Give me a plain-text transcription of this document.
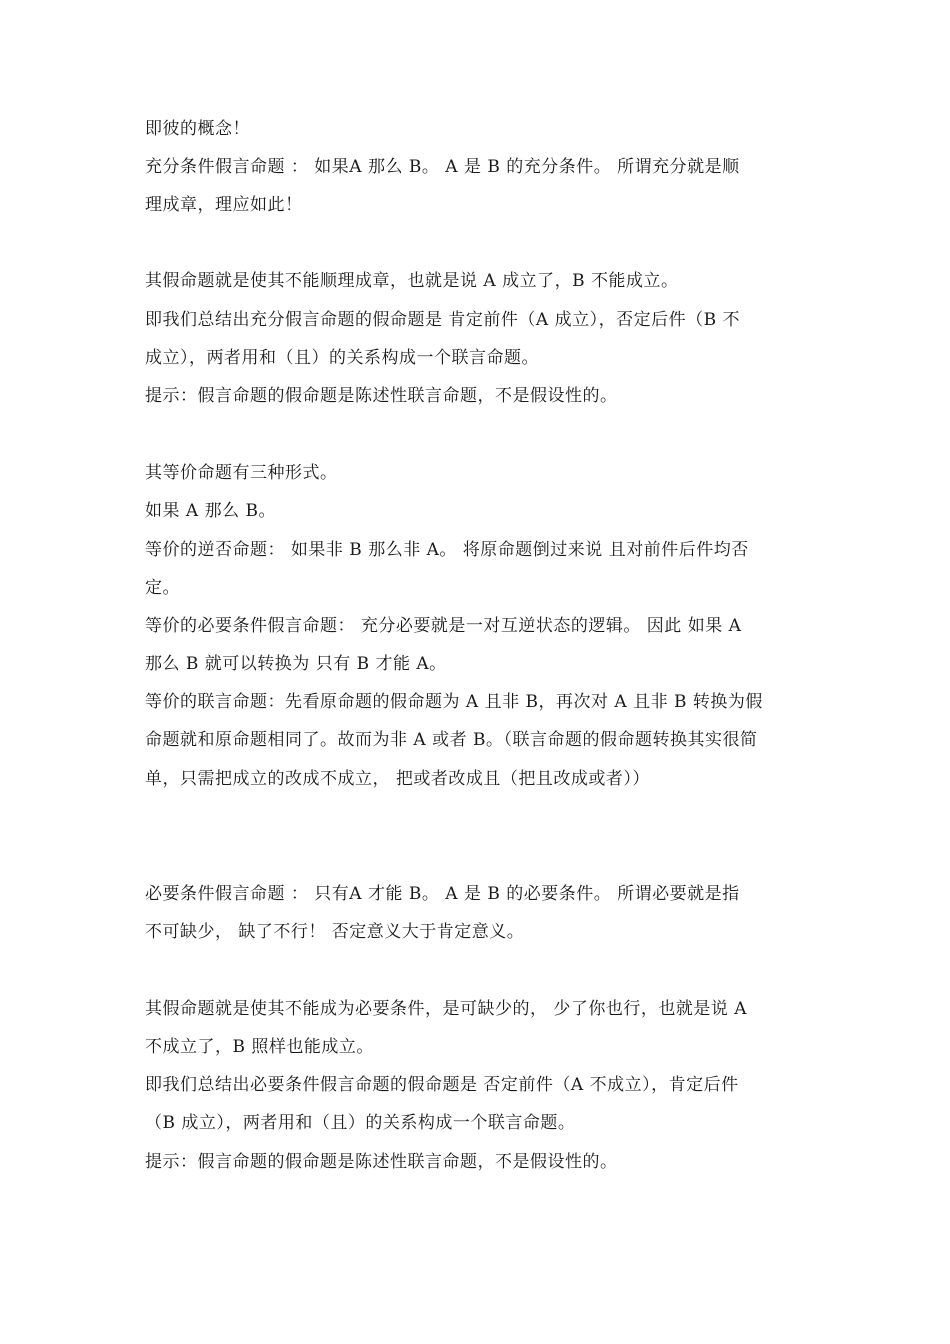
即彼的概念！
充分条件假言命题 ： 如果A 那么 B。 A 是 B 的充分条件。 所谓充分就是顺
理成章，理应如此！
其假命题就是使其不能顺理成章，也就是说 A 成立了，B 不能成立。
即我们总结出充分假言命题的假命题是 肯定前件（A 成立），否定后件（B 不
成立），两者用和（且）的关系构成一个联言命题。
提示：假言命题的假命题是陈述性联言命题，不是假设性的。
其等价命题有三种形式。
如果 A 那么 B。
等价的逆否命题： 如果非 B 那么非 A。 将原命题倒过来说 且对前件后件均否
定。
等价的必要条件假言命题： 充分必要就是一对互逆状态的逻辑。 因此 如果 A
那么 B 就可以转换为 只有 B 才能 A。
等价的联言命题：先看原命题的假命题为 A 且非 B，再次对 A 且非 B 转换为假
命题就和原命题相同了。故而为非 A 或者 B。（联言命题的假命题转换其实很简
单，只需把成立的改成不成立， 把或者改成且（把且改成或者））
必要条件假言命题 ： 只有A 才能 B。 A 是 B 的必要条件。 所谓必要就是指
不可缺少， 缺了不行！ 否定意义大于肯定意义。
其假命题就是使其不能成为必要条件，是可缺少的， 少了你也行，也就是说 A
不成立了，B 照样也能成立。
即我们总结出必要条件假言命题的假命题是 否定前件（A 不成立），肯定后件
（B 成立），两者用和（且）的关系构成一个联言命题。
提示：假言命题的假命题是陈述性联言命题，不是假设性的。
